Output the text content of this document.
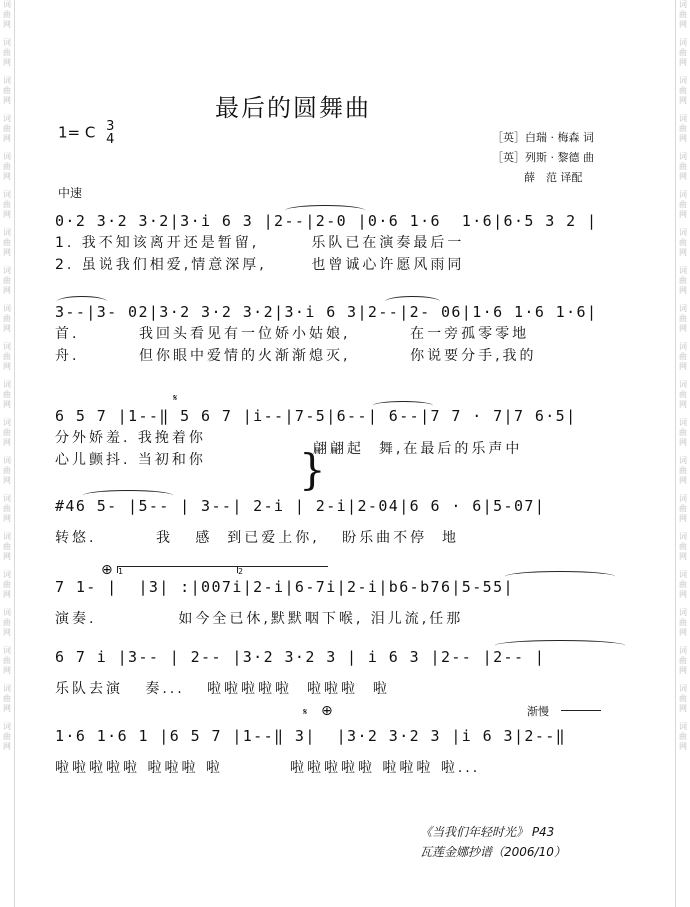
词曲网
词曲网
词曲网
词曲网
词曲网
词曲网
词曲网
词曲网
词曲网
词曲网
词曲网
词曲网
词曲网
词曲网
词曲网
词曲网
词曲网
词曲网
词曲网
词曲网
词曲网
词曲网
词曲网
词曲网
词曲网
词曲网
词曲网
词曲网
词曲网
词曲网
词曲网
词曲网
词曲网
词曲网
词曲网
词曲网
词曲网
词曲网
词曲网
词曲网
最后的圆舞曲
1= C 3
4	［英］白瑞 · 梅森 词
［英］列斯 · 黎德 曲
薛　范 译配
中速
0·2 3·2 3·2|3·i 6 3 |2--|2-0 |0·6 1·6  1·6|6·5 3 2 |
1. 我不知该离开还是暂留,       乐队已在演奏最后一
2. 虽说我们相爱,情意深厚,      也曾诚心许愿风雨同
3--|3- 02|3·2 3·2 3·2|3·i 6 3|2--|2- 06|1·6 1·6 1·6|
首.        我回头看见有一位娇小姑娘,        在一旁孤零零地
舟.        但你眼中爱情的火渐渐熄灭,        你说要分手,我的
𝄋
6 5 7 |1--‖ 5 6 7 |i--|7-5|6--| 6--|7 7 · 7|7 6·5|
分外娇羞. 我挽着你
心儿颤抖. 当初和你	}
翩翩起  舞,在最后的乐声中
#46 5- |5-- | 3--| 2-i | 2-i|2-04|6 6 · 6|5-07|
转悠.        我   感  到已爱上你,   盼乐曲不停  地
1	2
⊕
7 1- |  |3| :|007i|2-i|6-7i|2-i|b6-b76|5-55|
演奏.           如今全已休,默默咽下喉, 泪儿流,任那
6 7 i |3-- | 2-- |3·2 3·2 3 | i 6 3 |2-- |2-- |
乐队去演   奏...   啦啦啦啦啦  啦啦啦  啦
𝄋 ⊕	渐慢
1·6 1·6 1 |6 5 7 |1--‖ 3|  |3·2 3·2 3 |i 6 3|2--‖
啦啦啦啦啦 啦啦啦 啦         啦啦啦啦啦 啦啦啦 啦...
《当我们年轻时光》 P43
瓦莲金娜抄谱（2006/10）
